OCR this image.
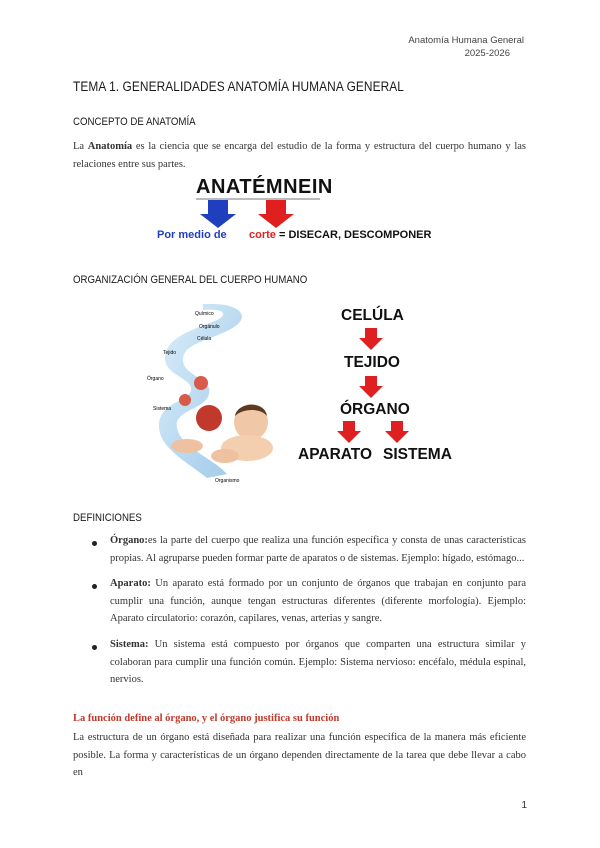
Anatomía Humana General
2025-2026
TEMA 1. GENERALIDADES ANATOMÍA HUMANA GENERAL
CONCEPTO DE ANATOMÍA
La Anatomía es la ciencia que se encarga del estudio de la forma y estructura del cuerpo humano y las relaciones entre sus partes.
ANATÉMNEIN
Por medio de corte = DISECAR, DESCOMPONER
ORGANIZACIÓN GENERAL DEL CUERPO HUMANO
Químico
Orgánulo
Célula
Tejido
Órgano
Sistema
Organismo
CELÚLA
TEJIDO
ÓRGANO
APARATO SISTEMA
DEFINICIONES
Órgano:es la parte del cuerpo que realiza una función específica y consta de unas características propias. Al agruparse pueden formar parte de aparatos o de sistemas. Ejemplo: hígado, estómago...
Aparato: Un aparato está formado por un conjunto de órganos que trabajan en conjunto para cumplir una función, aunque tengan estructuras diferentes (diferente morfología). Ejemplo: Aparato circulatorio: corazón, capilares, venas, arterias y sangre.
Sistema: Un sistema está compuesto por órganos que comparten una estructura similar y colaboran para cumplir una función común. Ejemplo: Sistema nervioso: encéfalo, médula espinal, nervios.
La función define al órgano, y el órgano justifica su función
La estructura de un órgano está diseñada para realizar una función específica de la manera más eficiente posible. La forma y características de un órgano dependen directamente de la tarea que debe llevar a cabo en
1
